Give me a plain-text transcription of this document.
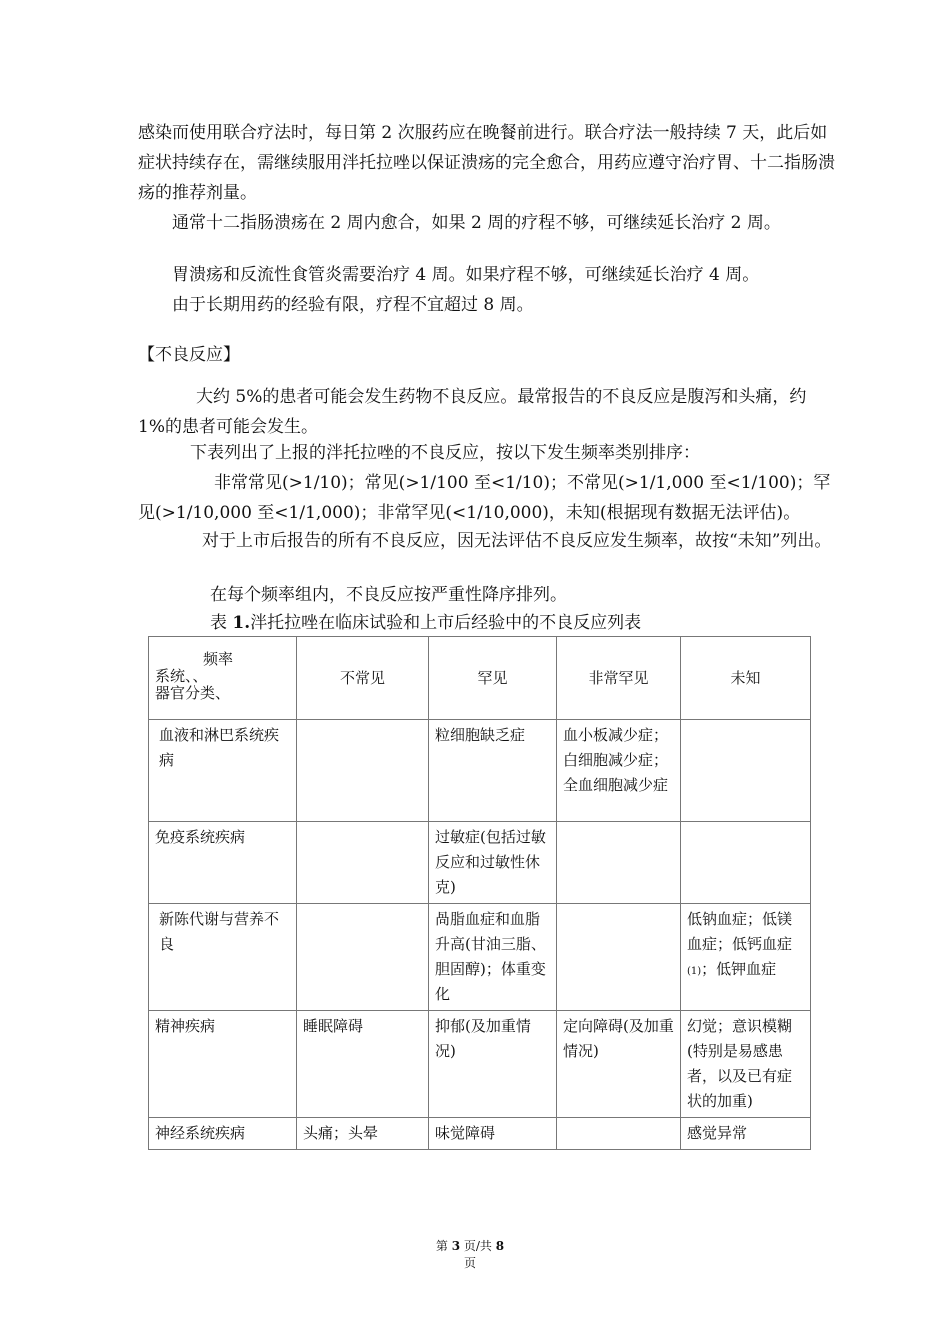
感染而使用联合疗法时，每日第 2 次服药应在晚餐前进行。联合疗法一般持续 7 天，此后如症状持续存在，需继续服用泮托拉唑以保证溃疡的完全愈合，用药应遵守治疗胃、十二指肠溃疡的推荐剂量。

通常十二指肠溃疡在 2 周内愈合，如果 2 周的疗程不够，可继续延长治疗 2 周。

胃溃疡和反流性食管炎需要治疗 4 周。如果疗程不够，可继续延长治疗 4 周。

由于长期用药的经验有限，疗程不宜超过 8 周。

【不良反应】

大约 5%的患者可能会发生药物不良反应。最常报告的不良反应是腹泻和头痛，约 1%的患者可能会发生。

下表列出了上报的泮托拉唑的不良反应，按以下发生频率类别排序：

非常常见(>1/10)；常见(>1/100 至<1/10)；不常见(>1/1,000 至<1/100)；罕见(>1/10,000 至<1/1,000)；非常罕见(<1/10,000)，未知(根据现有数据无法评估)。

对于上市后报告的所有不良反应，因无法评估不良反应发生频率，故按“未知”列出。

在每个频率组内，不良反应按严重性降序排列。

表 1.泮托拉唑在临床试验和上市后经验中的不良反应列表
频率
系统、、
器官分类、	不常见	罕见	非常罕见	未知
血液和淋巴系统疾病		粒细胞缺乏症	血小板减少症；白细胞减少症；全血细胞减少症	
免疫系统疾病		过敏症(包括过敏反应和过敏性休克)		
新陈代谢与营养不良		咼脂血症和血脂升高(甘油三脂、胆固醇)；体重变化		低钠血症；低镁血症；低钙血症
(1)；低钾血症
精神疾病	睡眠障碍	抑郁(及加重情况)	定向障碍(及加重情况)	幻觉；意识模糊(特别是易感患者，以及已有症状的加重)
神经系统疾病	头痛；头晕	味觉障碍		感觉异常
第 3 页/共 8
页
